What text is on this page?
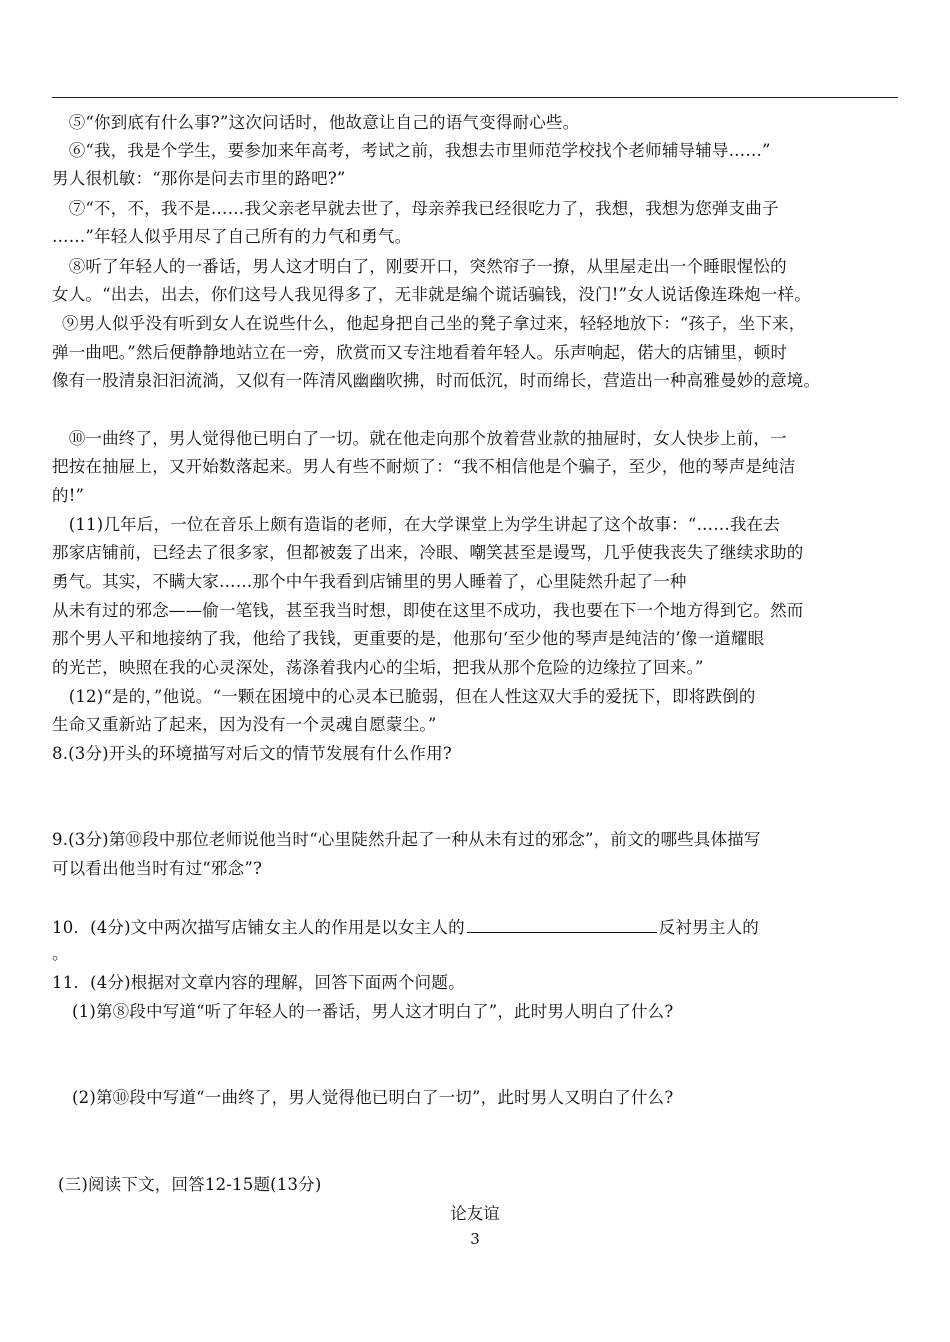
　⑤“你到底有什么事?”这次问话时，他故意让自己的语气变得耐心些。
　⑥“我，我是个学生，要参加来年高考，考试之前，我想去市里师范学校找个老师辅导辅导……”
男人很机敏：“那你是问去市里的路吧?”
　⑦“不，不，我不是……我父亲老早就去世了，母亲养我已经很吃力了，我想，我想为您弹支曲子
……”年轻人似乎用尽了自己所有的力气和勇气。
　⑧听了年轻人的一番话，男人这才明白了，刚要开口，突然帘子一撩，从里屋走出一个睡眼惺忪的
女人。“出去，出去，你们这号人我见得多了，无非就是编个谎话骗钱，没门!”女人说话像连珠炮一样。
⑨男人似乎没有听到女人在说些什么，他起身把自己坐的凳子拿过来，轻轻地放下：“孩子，坐下来，
弹一曲吧。”然后便静静地站立在一旁，欣赏而又专注地看着年轻人。乐声响起，偌大的店铺里，顿时
像有一股清泉汩汩流淌，又似有一阵清风幽幽吹拂，时而低沉，时而绵长，营造出一种高雅曼妙的意境。
　⑩一曲终了，男人觉得他已明白了一切。就在他走向那个放着营业款的抽屉时，女人快步上前，一
把按在抽屉上，又开始数落起来。男人有些不耐烦了：“我不相信他是个骗子，至少，他的琴声是纯洁
的!”
　(11)几年后，一位在音乐上颇有造诣的老师，在大学课堂上为学生讲起了这个故事：“……我在去
那家店铺前，已经去了很多家，但都被轰了出来，冷眼、嘲笑甚至是谩骂，几乎使我丧失了继续求助的
勇气。其实，不瞒大家……那个中午我看到店铺里的男人睡着了，心里陡然升起了一种
从未有过的邪念——偷一笔钱，甚至我当时想，即使在这里不成功，我也要在下一个地方得到它。然而
那个男人平和地接纳了我，他给了我钱，更重要的是，他那句‘至少他的琴声是纯洁的’像一道耀眼
的光芒，映照在我的心灵深处，荡涤着我内心的尘垢，把我从那个危险的边缘拉了回来。”
　(12)“是的，”他说。“一颗在困境中的心灵本已脆弱，但在人性这双大手的爱抚下，即将跌倒的
生命又重新站了起来，因为没有一个灵魂自愿蒙尘。”
8.(3分)开头的环境描写对后文的情节发展有什么作用?
9.(3分)第⑩段中那位老师说他当时“心里陡然升起了一种从未有过的邪念”，前文的哪些具体描写
可以看出他当时有过“邪念”?
10．(4分)文中两次描写店铺女主人的作用是以女主人的	反衬男主人的
。
11．(4分)根据对文章内容的理解，回答下面两个问题。
(1)第⑧段中写道“听了年轻人的一番话，男人这才明白了”，此时男人明白了什么?
(2)第⑩段中写道“一曲终了，男人觉得他已明白了一切”，此时男人又明白了什么?
(三)阅读下文，回答12-15题(13分)
论友谊
3
